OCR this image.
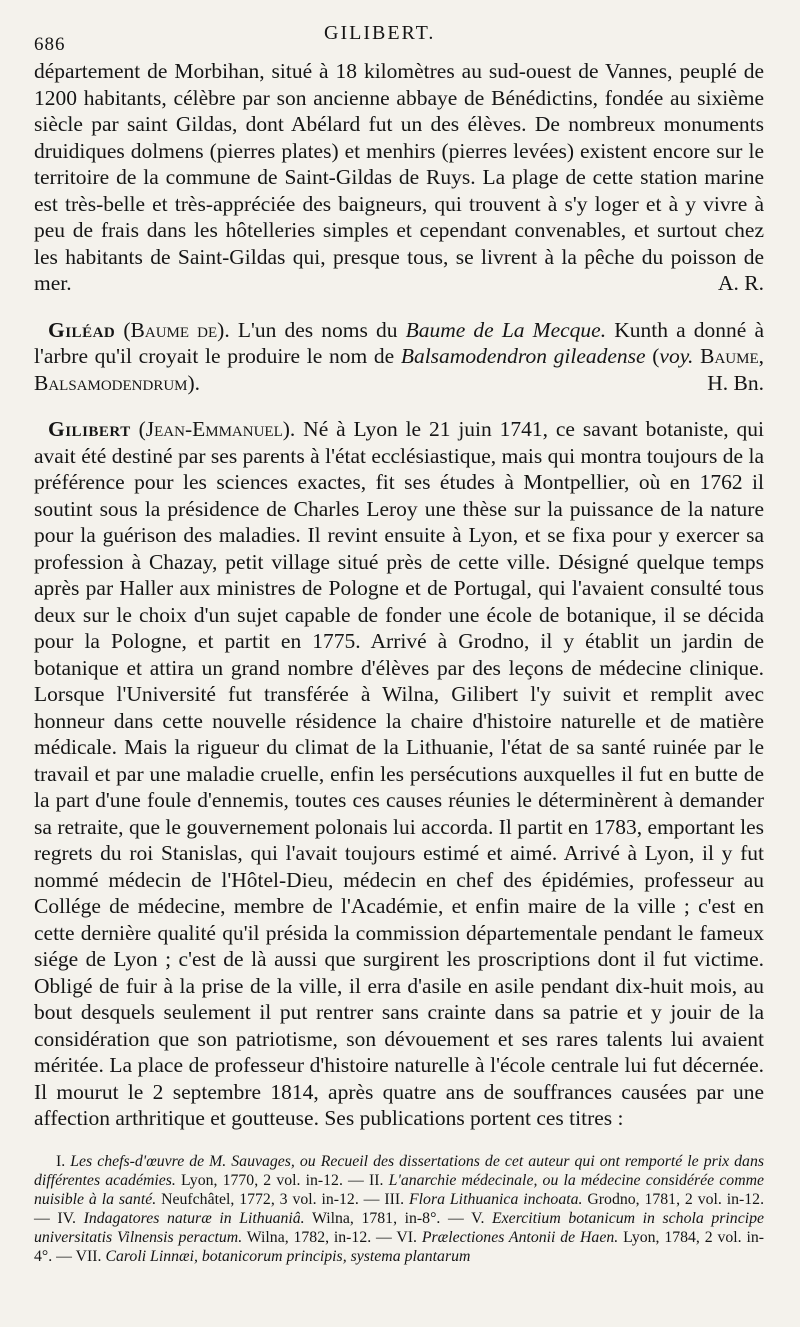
686
GILIBERT.

département de Morbihan, situé à 18 kilomètres au sud-ouest de Vannes, peuplé de 1200 habitants, célèbre par son ancienne abbaye de Bénédictins, fondée au sixième siècle par saint Gildas, dont Abélard fut un des élèves. De nombreux monuments druidiques dolmens (pierres plates) et menhirs (pierres levées) existent encore sur le territoire de la commune de Saint-Gildas de Ruys. La plage de cette station marine est très-belle et très-appréciée des baigneurs, qui trouvent à s'y loger et à y vivre à peu de frais dans les hôtelleries simples et cependant convenables, et surtout chez les habitants de Saint-Gildas qui, presque tous, se livrent à la pêche du poisson de mer.	A. R.

Giléad (Baume de). L'un des noms du Baume de La Mecque. Kunth a donné à l'arbre qu'il croyait le produire le nom de Balsamodendron gileadense (voy. Baume, Balsamodendrum).	H. Bn.

Gilibert (Jean-Emmanuel). Né à Lyon le 21 juin 1741, ce savant botaniste, qui avait été destiné par ses parents à l'état ecclésiastique, mais qui montra toujours de la préférence pour les sciences exactes, fit ses études à Montpellier, où en 1762 il soutint sous la présidence de Charles Leroy une thèse sur la puissance de la nature pour la guérison des maladies. Il revint ensuite à Lyon, et se fixa pour y exercer sa profession à Chazay, petit village situé près de cette ville. Désigné quelque temps après par Haller aux ministres de Pologne et de Portugal, qui l'avaient consulté tous deux sur le choix d'un sujet capable de fonder une école de botanique, il se décida pour la Pologne, et partit en 1775. Arrivé à Grodno, il y établit un jardin de botanique et attira un grand nombre d'élèves par des leçons de médecine clinique. Lorsque l'Université fut transférée à Wilna, Gilibert l'y suivit et remplit avec honneur dans cette nouvelle résidence la chaire d'histoire naturelle et de matière médicale. Mais la rigueur du climat de la Lithuanie, l'état de sa santé ruinée par le travail et par une maladie cruelle, enfin les persécutions auxquelles il fut en butte de la part d'une foule d'ennemis, toutes ces causes réunies le déterminèrent à demander sa retraite, que le gouvernement polonais lui accorda. Il partit en 1783, emportant les regrets du roi Stanislas, qui l'avait toujours estimé et aimé. Arrivé à Lyon, il y fut nommé médecin de l'Hôtel-Dieu, médecin en chef des épidémies, professeur au Collége de médecine, membre de l'Académie, et enfin maire de la ville ; c'est en cette dernière qualité qu'il présida la commission départementale pendant le fameux siége de Lyon ; c'est de là aussi que surgirent les proscriptions dont il fut victime. Obligé de fuir à la prise de la ville, il erra d'asile en asile pendant dix-huit mois, au bout desquels seulement il put rentrer sans crainte dans sa patrie et y jouir de la considération que son patriotisme, son dévouement et ses rares talents lui avaient méritée. La place de professeur d'histoire naturelle à l'école centrale lui fut décernée. Il mourut le 2 septembre 1814, après quatre ans de souffrances causées par une affection arthritique et goutteuse. Ses publications portent ces titres :

I. Les chefs-d'œuvre de M. Sauvages, ou Recueil des dissertations de cet auteur qui ont remporté le prix dans différentes académies. Lyon, 1770, 2 vol. in-12. — II. L'anarchie médecinale, ou la médecine considérée comme nuisible à la santé. Neufchâtel, 1772, 3 vol. in-12. — III. Flora Lithuanica inchoata. Grodno, 1781, 2 vol. in-12. — IV. Indagatores naturæ in Lithuaniâ. Wilna, 1781, in-8°. — V. Exercitium botanicum in schola principe universitatis Vilnensis peractum. Wilna, 1782, in-12. — VI. Prælectiones Antonii de Haen. Lyon, 1784, 2 vol. in-4°. — VII. Caroli Linnæi, botanicorum principis, systema plantarum
